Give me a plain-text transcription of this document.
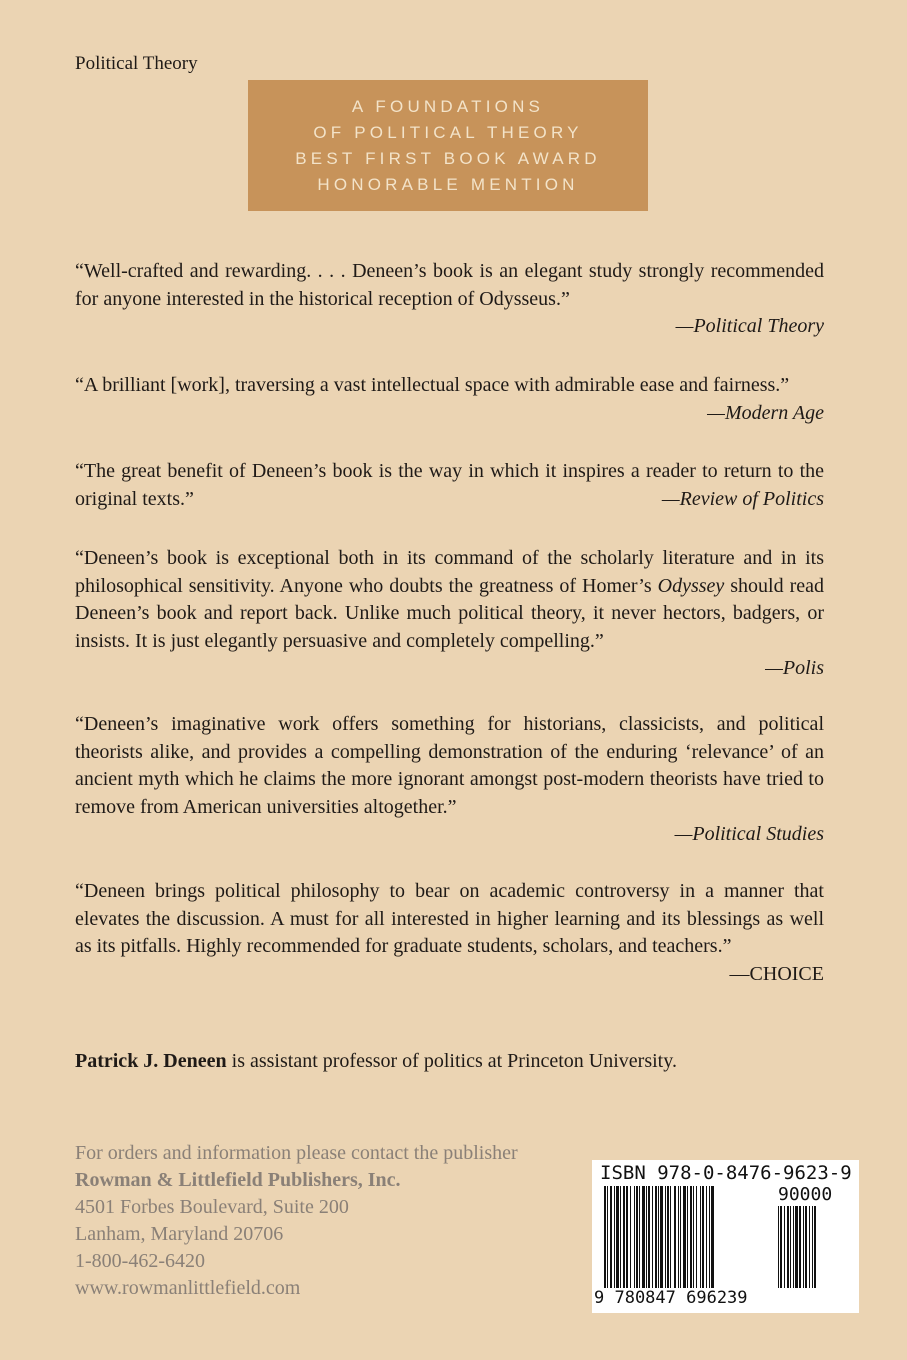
Political Theory
A FOUNDATIONS
OF POLITICAL THEORY
BEST FIRST BOOK AWARD
HONORABLE MENTION

“Well-crafted and rewarding. . . . Deneen’s book is an elegant study strongly recommended for anyone interested in the historical reception of Odysseus.”

—Political Theory

“A brilliant [work], traversing a vast intellectual space with admirable ease and fairness.”
—Modern Age

“The great benefit of Deneen’s book is the way in which it inspires a reader to return to the original texts.”	—Review of Politics

“Deneen’s book is exceptional both in its command of the scholarly literature and in its philosophical sensitivity. Anyone who doubts the greatness of Homer’s Odyssey should read Deneen’s book and report back. Unlike much political theory, it never hectors, badgers, or insists. It is just elegantly persuasive and completely compelling.”

—Polis

“Deneen’s imaginative work offers something for historians, classicists, and political theorists alike, and provides a compelling demonstration of the enduring ‘relevance’ of an ancient myth which he claims the more ignorant amongst post-modern theorists have tried to remove from American universities altogether.”

—Political Studies

“Deneen brings political philosophy to bear on academic controversy in a manner that elevates the discussion. A must for all interested in higher learning and its blessings as well as its pitfalls. Highly recommended for graduate students, scholars, and teachers.”

—CHOICE

Patrick J. Deneen is assistant professor of politics at Princeton University.
For orders and information please contact the publisher
Rowman & Littlefield Publishers, Inc.
4501 Forbes Boulevard, Suite 200
Lanham, Maryland 20706
1-800-462-6420
www.rowmanlittlefield.com
ISBN 978-0-8476-9623-9
90000
9 780847 696239
